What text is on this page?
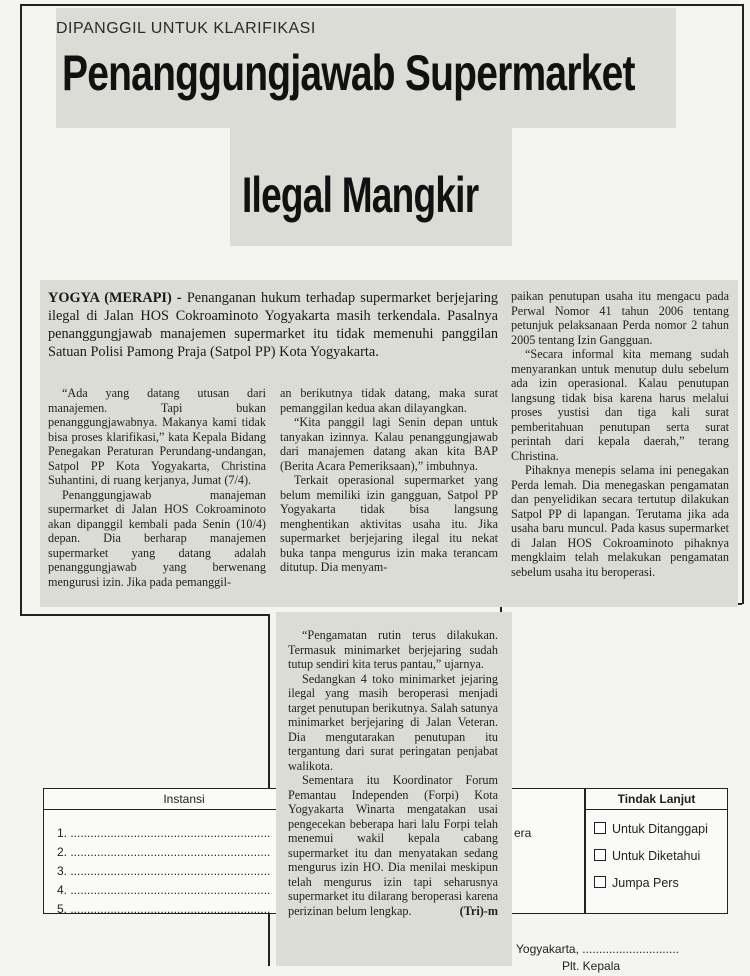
Instansi	Tindak Lanjut
1. ............................................................
2. ............................................................
3. ............................................................
4. ............................................................
5. ............................................................
era	Untuk Ditanggapi
Untuk Diketahui
Jumpa Pers
DIPANGGIL UNTUK KLARIFIKASI
Penanggungjawab Supermarket
Ilegal Mangkir
YOGYA (MERAPI) - Penanganan hukum terhadap supermarket berjejaring ilegal di Jalan HOS Cokroaminoto Yogyakarta masih terkendala. Pasalnya penanggungjawab manajemen supermarket itu tidak memenuhi panggilan Satuan Polisi Pamong Praja (Satpol PP) Kota Yogyakarta.

“Ada yang datang utusan dari manajemen. Tapi bukan penanggungjawabnya. Makanya kami tidak bisa proses klarifikasi,” kata Kepala Bidang Penegakan Peraturan Perundang-undangan, Satpol PP Kota Yogyakarta, Christina Suhantini, di ruang kerjanya, Jumat (7/4).

Penanggungjawab manajeman supermarket di Jalan HOS Cokroaminoto akan dipanggil kembali pada Senin (10/4) depan. Dia berharap manajemen supermarket yang datang adalah penanggungjawab yang berwenang mengurusi izin. Jika pada pemanggil-

an berikutnya tidak datang, maka surat pemanggilan kedua akan dilayangkan.

“Kita panggil lagi Senin depan untuk tanyakan izinnya. Kalau penanggungjawab dari manajemen datang akan kita BAP (Berita Acara Pemeriksaan),” imbuhnya.

Terkait operasional supermarket yang belum memiliki izin gangguan, Satpol PP Yogyakarta tidak bisa langsung menghentikan aktivitas usaha itu. Jika supermarket berjejaring ilegal itu nekat buka tanpa mengurus izin maka terancam ditutup. Dia menyam-

paikan penutupan usaha itu mengacu pada Perwal Nomor 41 tahun 2006 tentang petunjuk pelaksanaan Perda nomor 2 tahun 2005 tentang Izin Gangguan.

“Secara informal kita memang sudah menyarankan untuk menutup dulu sebelum ada izin operasional. Kalau penutupan langsung tidak bisa karena harus melalui proses yustisi dan tiga kali surat pemberitahuan penutupan serta surat perintah dari kepala daerah,” terang Christina.

Pihaknya menepis selama ini penegakan Perda lemah. Dia menegaskan pengamatan dan penyelidikan secara tertutup dilakukan Satpol PP di lapangan. Terutama jika ada usaha baru muncul. Pada kasus supermarket di Jalan HOS Cokroaminoto pihaknya mengklaim telah melakukan pengamatan sebelum usaha itu beroperasi.

“Pengamatan rutin terus dilakukan. Termasuk minimarket berjejaring sudah tutup sendiri kita terus pantau,” ujarnya.

Sedangkan 4 toko minimarket jejaring ilegal yang masih beroperasi menjadi target penutupan berikutnya. Salah satunya minimarket berjejaring di Jalan Veteran. Dia mengutarakan penutupan itu tergantung dari surat peringatan penjabat walikota.

Sementara itu Koordinator Forum Pemantau Independen (Forpi) Kota Yogyakarta Winarta mengatakan usai pengecekan beberapa hari lalu Forpi telah menemui wakil kepala cabang supermarket itu dan menyatakan sedang mengurus izin HO. Dia menilai meskipun telah mengurus izin tapi seharusnya supermarket itu dilarang beroperasi karena perizinan belum lengkap.	(Tri)-m
Yogyakarta, .............................
Plt. Kepala
